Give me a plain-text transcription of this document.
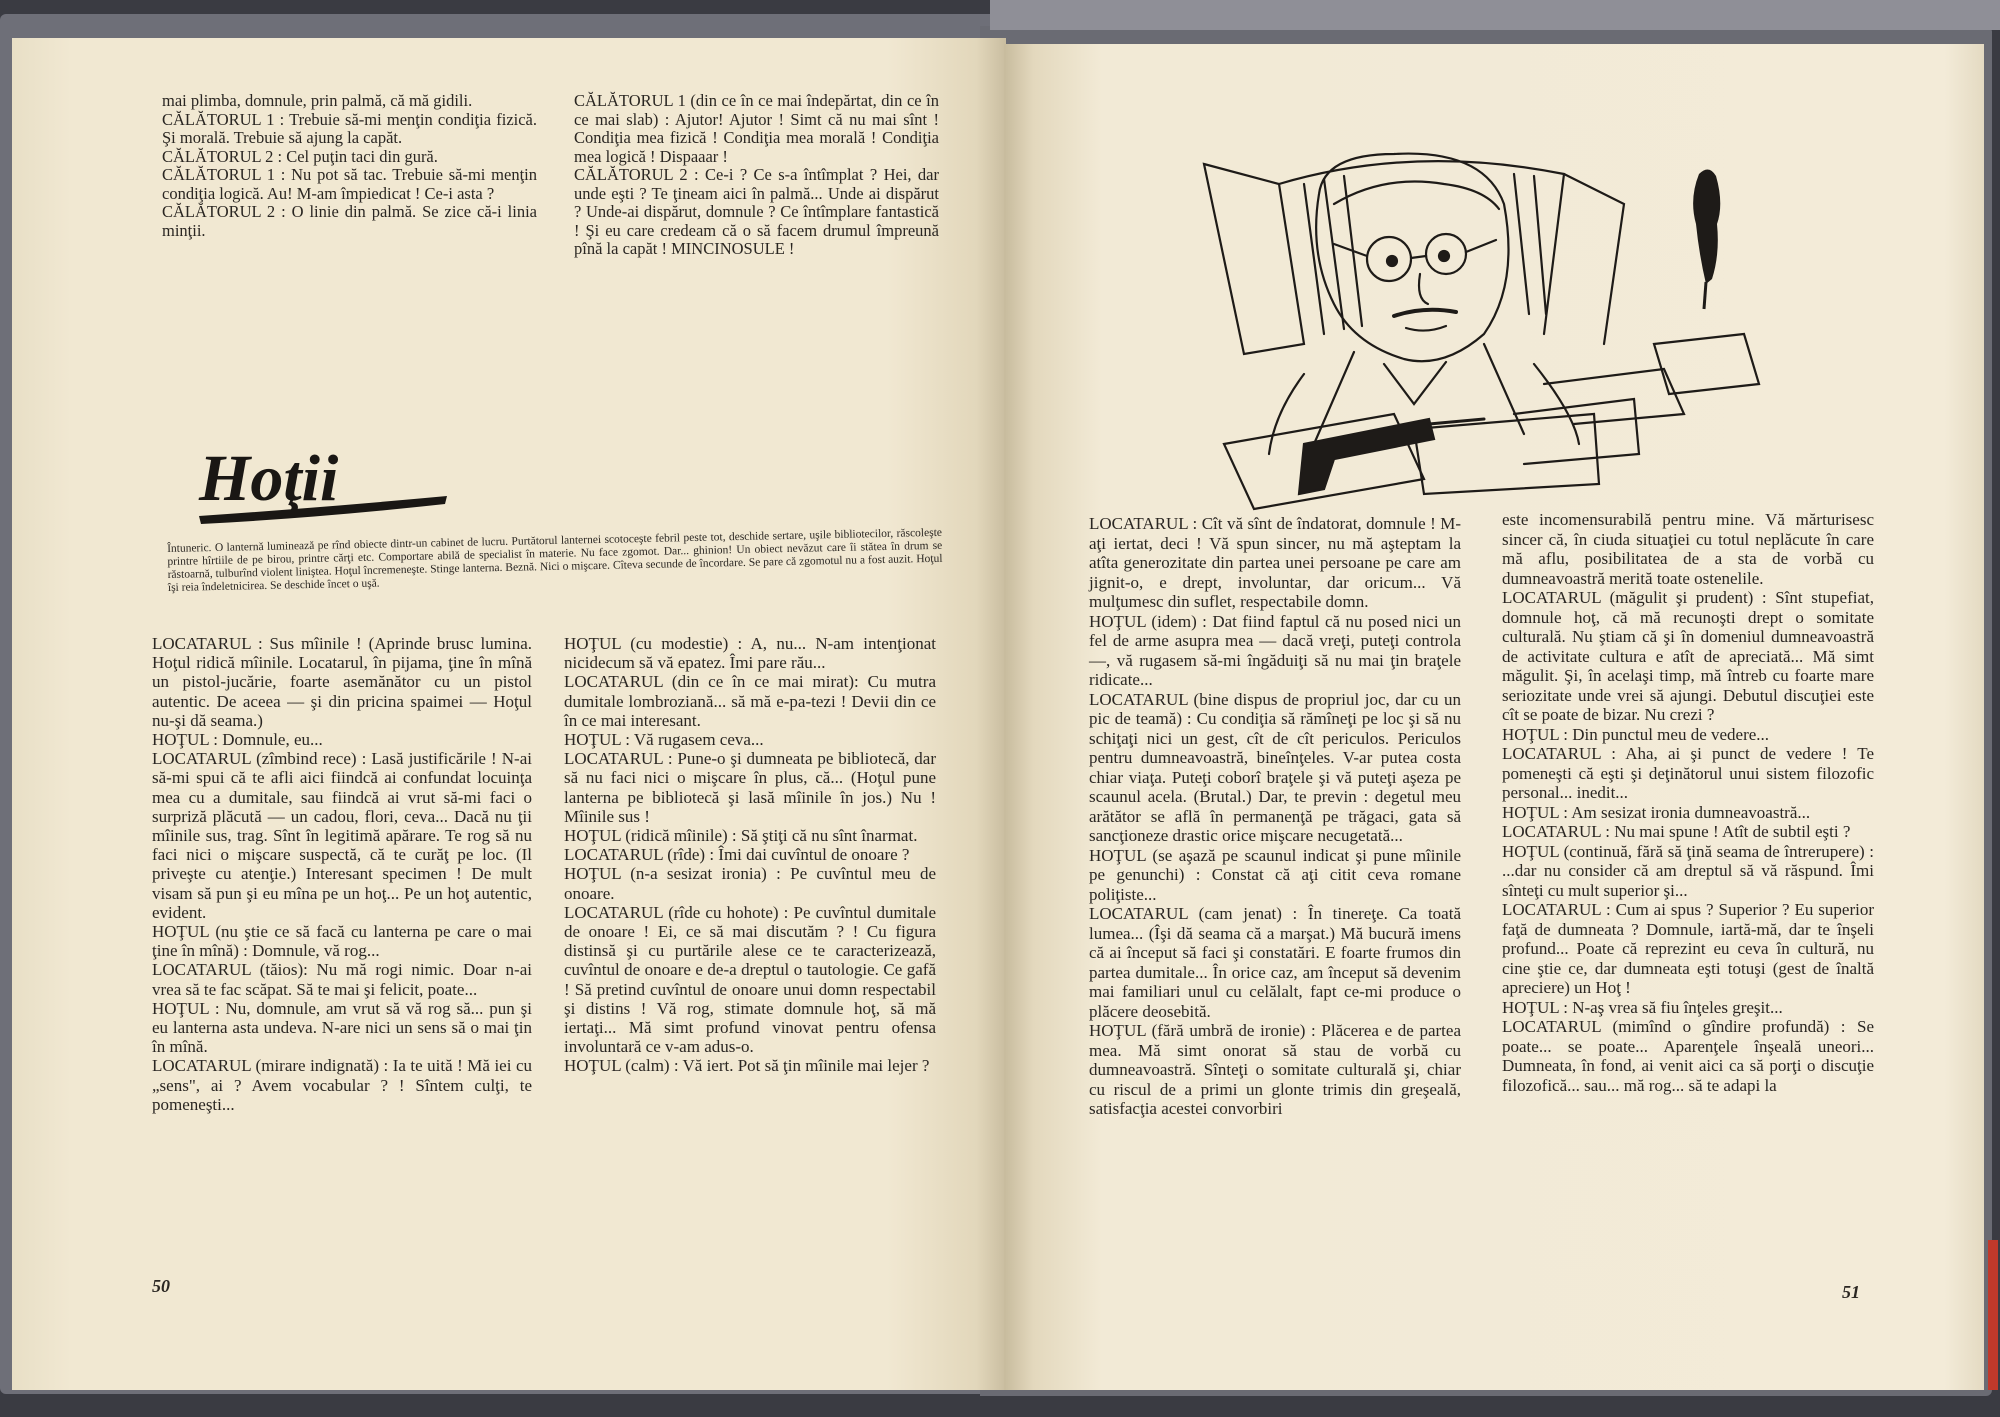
mai plimba, domnule, prin palmă, că mă gidili.
CĂLĂTORUL 1 : Trebuie să-mi menţin condiţia fizică. Şi morală. Trebuie să ajung la capăt.
CĂLĂTORUL 2 : Cel puţin taci din gură.
CĂLĂTORUL 1 : Nu pot să tac. Trebuie să-mi menţin condiţia logică. Au! M-am împiedicat ! Ce-i asta ?
CĂLĂTORUL 2 : O linie din palmă. Se zice că-i linia minţii.
CĂLĂTORUL 1 (din ce în ce mai îndepărtat, din ce în ce mai slab) : Ajutor! Ajutor ! Simt că nu mai sînt ! Condiţia mea fizică ! Condiţia mea morală ! Condiţia mea logică ! Dispaaar !
CĂLĂTORUL 2 : Ce-i ? Ce s-a întîmplat ? Hei, dar unde eşti ? Te ţineam aici în palmă... Unde ai dispărut ? Unde-ai dispărut, domnule ? Ce întîmplare fantastică ! Şi eu care credeam că o să facem drumul împreună pînă la capăt ! MINCINOSULE !
Hoţii
Întuneric. O lanternă luminează pe rînd obiecte dintr-un cabinet de lucru. Purtătorul lanternei scotoceşte febril peste tot, deschide sertare, uşile bibliotecilor, răscoleşte printre hîrtiile de pe birou, printre cărţi etc. Comportare abilă de specialist în materie. Nu face zgomot. Dar... ghinion! Un obiect nevăzut care îi stătea în drum se răstoarnă, tulburînd violent liniştea. Hoţul încremeneşte. Stinge lanterna. Beznă. Nici o mişcare. Cîteva secunde de încordare. Se pare că zgomotul nu a fost auzit. Hoţul îşi reia îndeletnicirea. Se deschide încet o uşă.
LOCATARUL : Sus mîinile ! (Aprinde brusc lumina. Hoţul ridică mîinile. Locatarul, în pijama, ţine în mînă un pistol-jucărie, foarte asemănător cu un pistol autentic. De aceea — şi din pricina spaimei — Hoţul nu-şi dă seama.)
HOŢUL : Domnule, eu...
LOCATARUL (zîmbind rece) : Lasă justificările ! N-ai să-mi spui că te afli aici fiindcă ai confundat locuinţa mea cu a dumitale, sau fiindcă ai vrut să-mi faci o surpriză plăcută — un cadou, flori, ceva... Dacă nu ţii mîinile sus, trag. Sînt în legitimă apărare. Te rog să nu faci nici o mişcare suspectă, că te curăţ pe loc. (Il priveşte cu atenţie.) Interesant specimen ! De mult visam să pun şi eu mîna pe un hoţ... Pe un hoţ autentic, evident.
HOŢUL (nu ştie ce să facă cu lanterna pe care o mai ţine în mînă) : Domnule, vă rog...
LOCATARUL (tăios): Nu mă rogi nimic. Doar n-ai vrea să te fac scăpat. Să te mai şi felicit, poate...
HOŢUL : Nu, domnule, am vrut să vă rog să... pun şi eu lanterna asta undeva. N-are nici un sens să o mai ţin în mînă.
LOCATARUL (mirare indignată) : Ia te uită ! Mă iei cu „sens", ai ? Avem vocabular ? ! Sîntem culţi, te pomeneşti...
HOŢUL (cu modestie) : A, nu... N-am intenţionat nicidecum să vă epatez. Îmi pare rău...
LOCATARUL (din ce în ce mai mirat): Cu mutra dumitale lombroziană... să mă e-pa-tezi ! Devii din ce în ce mai interesant.
HOŢUL : Vă rugasem ceva...
LOCATARUL : Pune-o şi dumneata pe bibliotecă, dar să nu faci nici o mişcare în plus, că... (Hoţul pune lanterna pe bibliotecă şi lasă mîinile în jos.) Nu ! Mîinile sus !
HOŢUL (ridică mîinile) : Să ştiţi că nu sînt înarmat.
LOCATARUL (rîde) : Îmi dai cuvîntul de onoare ?
HOŢUL (n-a sesizat ironia) : Pe cuvîntul meu de onoare.
LOCATARUL (rîde cu hohote) : Pe cuvîntul dumitale de onoare ! Ei, ce să mai discutăm ? ! Cu figura distinsă şi cu purtările alese ce te caracterizează, cuvîntul de onoare e de-a dreptul o tautologie. Ce gafă ! Să pretind cuvîntul de onoare unui domn respectabil şi distins ! Vă rog, stimate domnule hoţ, să mă iertaţi... Mă simt profund vinovat pentru ofensa involuntară ce v-am adus-o.
HOŢUL (calm) : Vă iert. Pot să ţin mîinile mai lejer ?
50
LOCATARUL : Cît vă sînt de îndatorat, domnule ! M-aţi iertat, deci ! Vă spun sincer, nu mă aşteptam la atîta generozitate din partea unei persoane pe care am jignit-o, e drept, involuntar, dar oricum... Vă mulţumesc din suflet, respectabile domn.
HOŢUL (idem) : Dat fiind faptul că nu posed nici un fel de arme asupra mea — dacă vreţi, puteţi controla —, vă rugasem să-mi îngăduiţi să nu mai ţin braţele ridicate...
LOCATARUL (bine dispus de propriul joc, dar cu un pic de teamă) : Cu condiţia să rămîneţi pe loc şi să nu schiţaţi nici un gest, cît de cît periculos. Periculos pentru dumneavoastră, bineînţeles. V-ar putea costa chiar viaţa. Puteţi coborî braţele şi vă puteţi aşeza pe scaunul acela. (Brutal.) Dar, te previn : degetul meu arătător se află în permanenţă pe trăgaci, gata să sancţioneze drastic orice mişcare necugetată...
HOŢUL (se aşază pe scaunul indicat şi pune mîinile pe genunchi) : Constat că aţi citit ceva romane poliţiste...
LOCATARUL (cam jenat) : În tinereţe. Ca toată lumea... (Îşi dă seama că a marşat.) Mă bucură imens că ai început să faci şi constatări. E foarte frumos din partea dumitale... În orice caz, am început să devenim mai familiari unul cu celălalt, fapt ce-mi produce o plăcere deosebită.
HOŢUL (fără umbră de ironie) : Plăcerea e de partea mea. Mă simt onorat să stau de vorbă cu dumneavoastră. Sînteţi o somitate culturală şi, chiar cu riscul de a primi un glonte trimis din greşeală, satisfacţia acestei convorbiri
este incomensurabilă pentru mine. Vă mărturisesc sincer că, în ciuda situaţiei cu totul neplăcute în care mă aflu, posibilitatea de a sta de vorbă cu dumneavoastră merită toate ostenelile.
LOCATARUL (măgulit şi prudent) : Sînt stupefiat, domnule hoţ, că mă recunoşti drept o somitate culturală. Nu ştiam că şi în domeniul dumneavoastră de activitate cultura e atît de apreciată... Mă simt măgulit. Şi, în acelaşi timp, mă întreb cu foarte mare seriozitate unde vrei să ajungi. Debutul discuţiei este cît se poate de bizar. Nu crezi ?
HOŢUL : Din punctul meu de vedere...
LOCATARUL : Aha, ai şi punct de vedere ! Te pomeneşti că eşti şi deţinătorul unui sistem filozofic personal... inedit...
HOŢUL : Am sesizat ironia dumneavoastră...
LOCATARUL : Nu mai spune ! Atît de subtil eşti ?
HOŢUL (continuă, fără să ţină seama de întrerupere) : ...dar nu consider că am dreptul să vă răspund. Îmi sînteţi cu mult superior şi...
LOCATARUL : Cum ai spus ? Superior ? Eu superior faţă de dumneata ? Domnule, iartă-mă, dar te înşeli profund... Poate că reprezint eu ceva în cultură, nu cine ştie ce, dar dumneata eşti totuşi (gest de înaltă apreciere) un Hoţ !
HOŢUL : N-aş vrea să fiu înţeles greşit...
LOCATARUL (mimînd o gîndire profundă) : Se poate... se poate... Aparenţele înşeală uneori... Dumneata, în fond, ai venit aici ca să porţi o discuţie filozofică... sau... mă rog... să te adapi la
51
